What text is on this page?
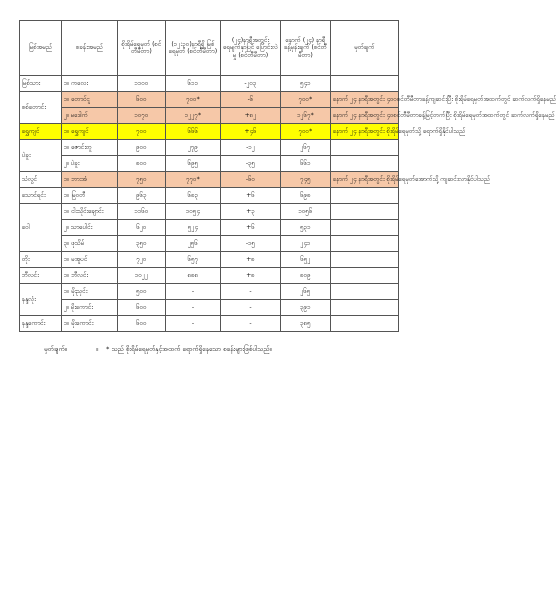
မြစ်အမည်	စခန်းအမည်	စိုးရိမ်ရေမှတ် (စင်တီမီတာ)	(၁၂:၃၀)နာရီရှိ မြစ်ရေမှတ် (စင်တီမီတာ)	(၂၄)နာရီအတွင်း ရေမျက်နှာပြင် ပြောင်းလဲမှု (စင်တီမီတာ)	နောက် (၂၄) နာရီ ခန့်မှန်းချက် (စင်တီမီတာ)	မှတ်ချက်
မြစ်သား	၁။ ကလေး	၁၁၀၀	၆၁၁	-၂၀၃	၅၄၁	
စစ်တောင်း	၁။ တောင်ငူ	၆၀၀	၇၀၀*	-၆	၇၀၀*	နောက် ၂၄ နာရီအတွင်း ၄၀၀စင်တီမီတာခန့်ကျဆင်းပြီး စိုးရိမ်ရေမှတ်အထက်တွင် ဆက်လက်ရှိနေမည်
	၂။ မဒေါက်	၁၀၇၀	၁၂၂၇*	+၈၂	၁၂၆၇*	နောက် ၂၄ နာရီအတွင်း ၄၀စင်တီမီတာခန့်မြင့်တက်ပြီး စိုးရိမ်ရေမှတ်အထက်တွင် ဆက်လက်ရှိနေမည်
ရွှေကျင်	၁။ ရွှေကျင်	၇၀၀	၆၆၆	+၄၆	၇၀၀*	နောက် ၂၄ နာရီအတွင်း စိုးရိမ်ရေမှတ်သို့ ရောက်ရှိနိုင်ပါသည်
ပဲခူး	၁။ ဇောင်းတူ	၉၀၀	၂၇၉	-၁၂	၂၆၇	
	၂။ ပဲခူး	၈၀၀	၆၉၅	-၃၅	၆၆၁	
သံလွင်	၁။ ဘားအံ	၇၅၀	၇၇၀*	-၆၀	၇၄၅	နောက် ၂၄ နာရီအတွင်း စိုးရိမ်ရေမှတ်အောက်သို့ ကျဆင်းလာနိုင်ပါသည်
သောင်ရင်း	၁။ မြဝတီ	၉၆၃	၆၈၃	+၆	၆၉၈	
ဝေါ	၁။ ငါးသိုင်းချောင်း	၁၁၆၀	၁၀၅၄	+၃	၁၀၅၆	
	၂။ သာပေါင်း	၆၂၀	၅၂၄	+၆	၅၃၁	
	၃။ ဖုသိမ်	၃၅၀	၂၅၆	-၁၅	၂၄၁	
တိုး	၁။ မအူပင်	၇၂၀	၆၅၇	+၈	၆၅၂	
ဘီလင်း	၁။ ဘီလင်း	၁၀၂၂	၈၈၈	+၈	၈၀၉	
နန္ဒလုံး	၁။ မိုးညှင်း	၅၀၀	-	-	၂၆၅	
	၂။ မိုးကောင်း	၆၀၀	-	-	၃၉၁	
နန္ဒကောင်း	၁။ မိုးကောင်း	၆၀၀	-	-	၃၈၅	
မှတ်ချက်။	။ * သည် စိုးရိမ်ရေမှတ်နှင့်အထက် ရောက်ရှိနေသော စခန်းများဖြစ်ပါသည်။
